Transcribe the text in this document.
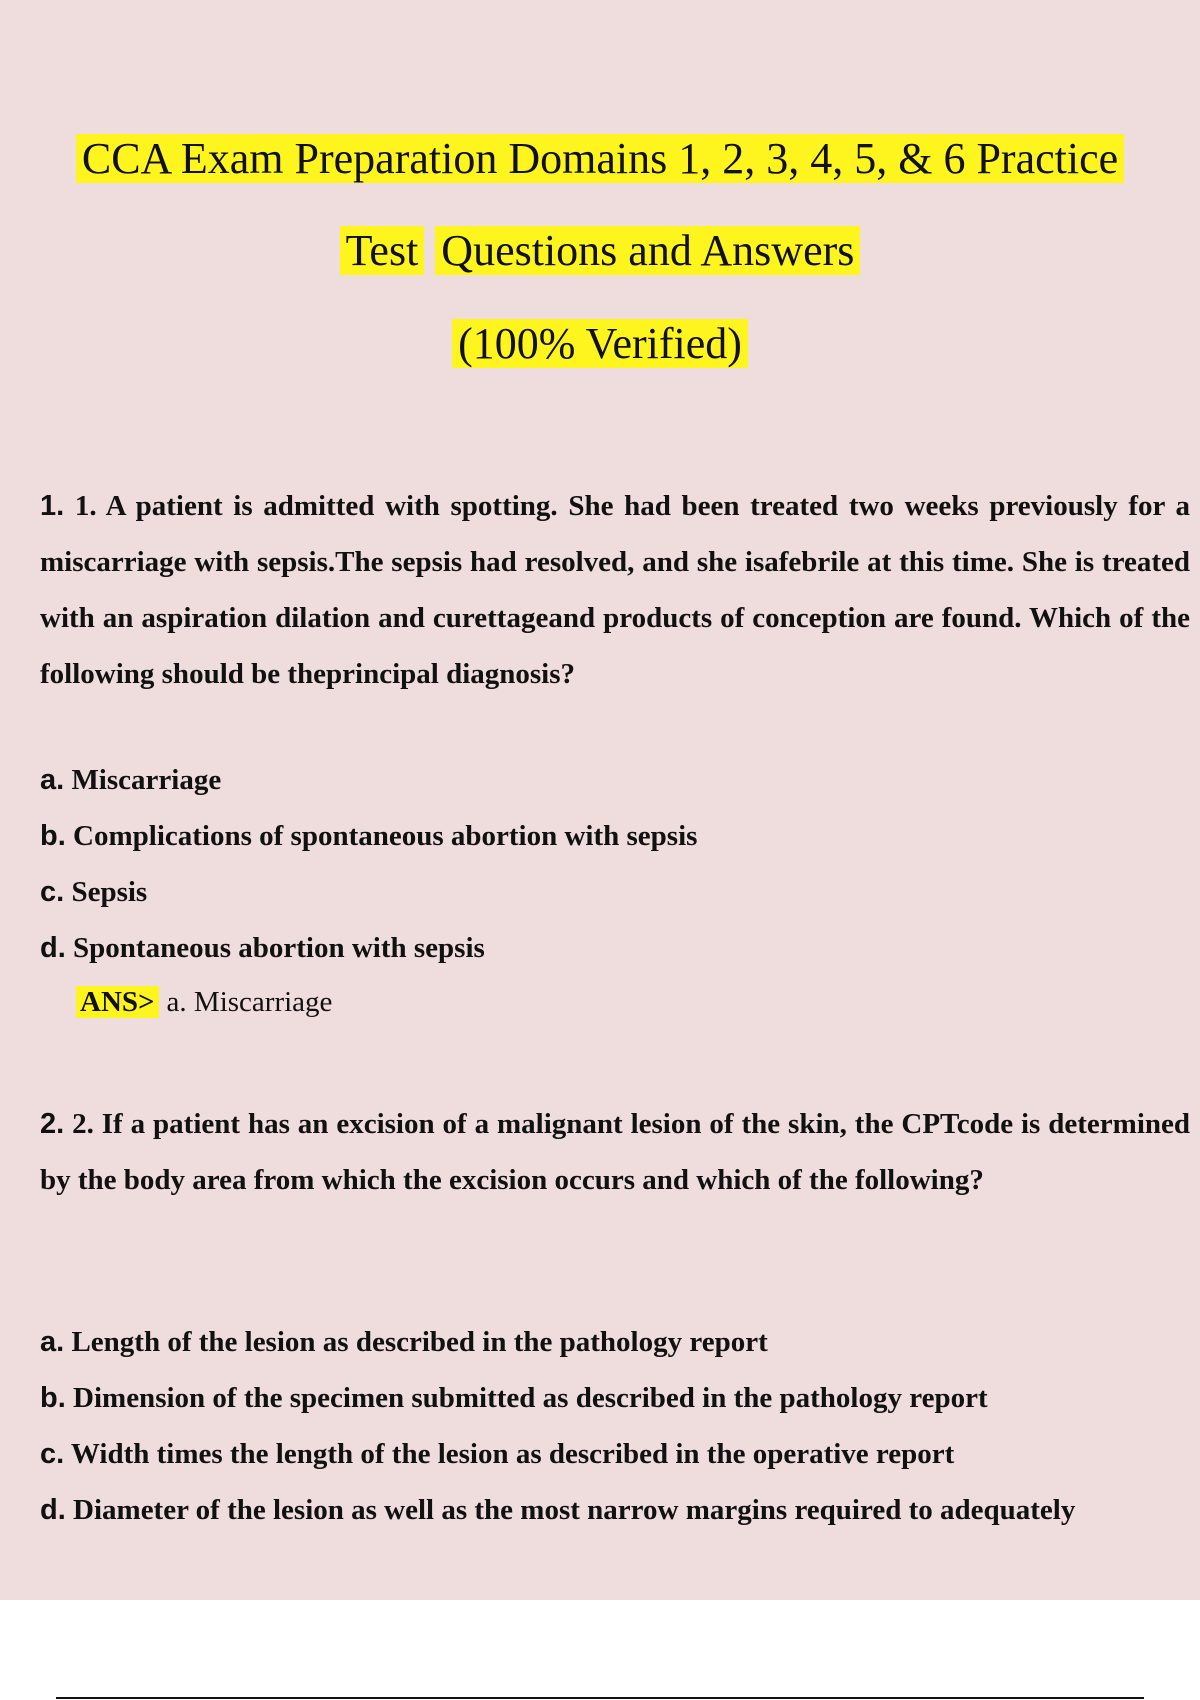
CCA Exam Preparation Domains 1, 2, 3, 4, 5, & 6 Practice
Test Questions and Answers
(100% Verified)
1. 1. A patient is admitted with spotting. She had been treated two weeks previously for a miscarriage with sepsis.The sepsis had resolved, and she isafebrile at this time. She is treated with an aspiration dilation and curettageand products of conception are found. Which of the following should be theprincipal diagnosis?
a. Miscarriage
b. Complications of spontaneous abortion with sepsis
c. Sepsis
d. Spontaneous abortion with sepsis
ANS> a. Miscarriage
2. 2. If a patient has an excision of a malignant lesion of the skin, the CPTcode is determined by the body area from which the excision occurs and which of the following?
a. Length of the lesion as described in the pathology report
b. Dimension of the specimen submitted as described in the pathology report
c. Width times the length of the lesion as described in the operative report
d. Diameter of the lesion as well as the most narrow margins required to adequately
